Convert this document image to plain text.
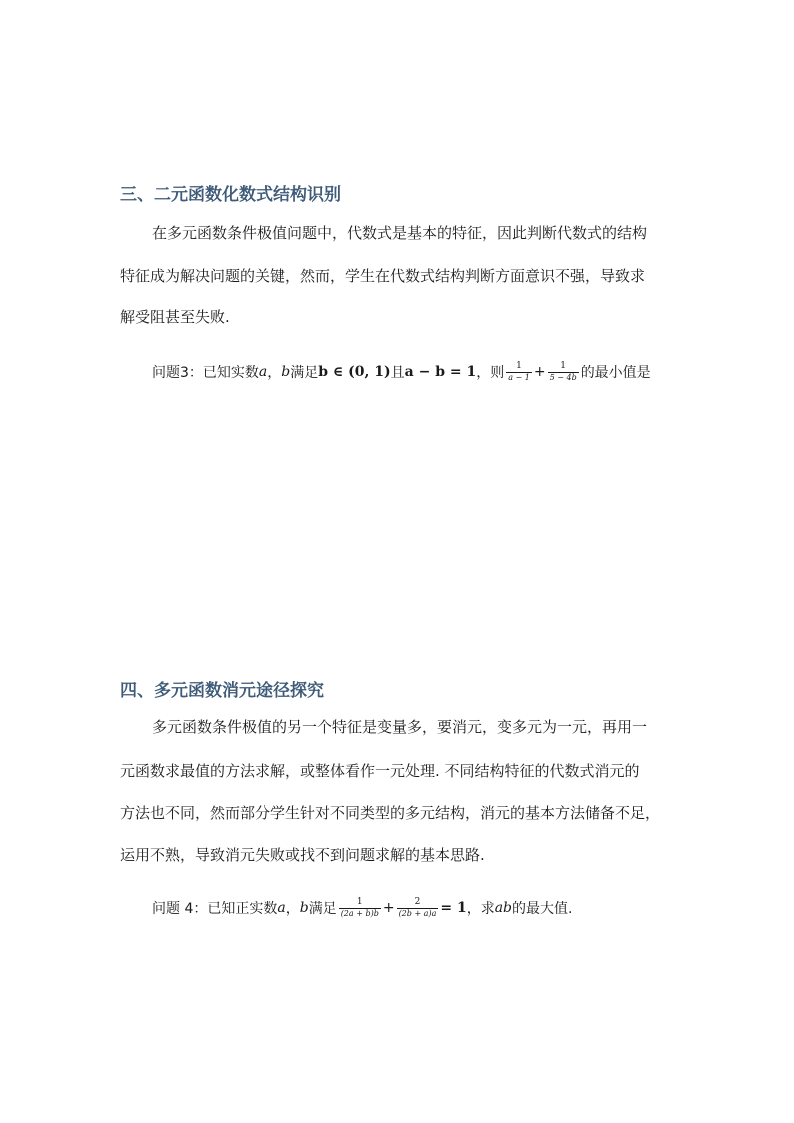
三、二元函数化数式结构识别

在多元函数条件极值问题中，代数式是基本的特征，因此判断代数式的结构

特征成为解决问题的关键，然而，学生在代数式结构判断方面意识不强，导致求

解受阻甚至失败.

问题3：已知实数 a ， b 满足 b ∈ (0, 1) 且 a − b = 1 ，则 $\frac{1}{a - 1} + \frac{1}{5 - 4b}$ 的最小值是
四、多元函数消元途径探究

多元函数条件极值的另一个特征是变量多，要消元，变多元为一元，再用一

元函数求最值的方法求解，或整体看作一元处理. 不同结构特征的代数式消元的

方法也不同，然而部分学生针对不同类型的多元结构，消元的基本方法储备不足，

运用不熟，导致消元失败或找不到问题求解的基本思路.

问题 4：已知正实数 a ， b 满足 $\frac{1}{(2a + b)b} + \frac{2}{(2b + a)a} = 1$ ，求 ab 的最大值.
